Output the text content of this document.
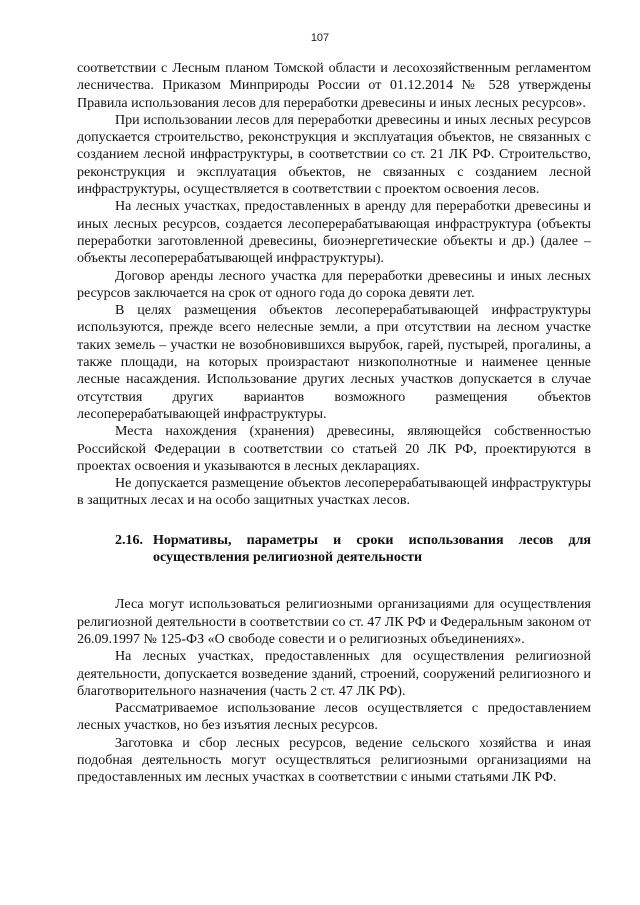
107

соответствии с Лесным планом Томской области и лесохозяйственным регламентом лесничества. Приказом Минприроды России от 01.12.2014 № 528 утверждены Правила использования лесов для переработки древесины и иных лесных ресурсов».

При использовании лесов для переработки древесины и иных лесных ресурсов допускается строительство, реконструкция и эксплуатация объектов, не связанных с созданием лесной инфраструктуры, в соответствии со ст. 21 ЛК РФ. Строительство, реконструкция и эксплуатация объектов, не связанных с созданием лесной инфраструктуры, осуществляется в соответствии с проектом освоения лесов.

На лесных участках, предоставленных в аренду для переработки древесины и иных лесных ресурсов, создается лесоперерабатывающая инфраструктура (объекты переработки заготовленной древесины, биоэнергетические объекты и др.) (далее – объекты лесоперерабатывающей инфраструктуры).

Договор аренды лесного участка для переработки древесины и иных лесных ресурсов заключается на срок от одного года до сорока девяти лет.

В целях размещения объектов лесоперерабатывающей инфраструктуры используются, прежде всего нелесные земли, а при отсутствии на лесном участке таких земель – участки не возобновившихся вырубок, гарей, пустырей, прогалины, а также площади, на которых произрастают низкополнотные и наименее ценные лесные насаждения. Использование других лесных участков допускается в случае отсутствия других вариантов возможного размещения объектов лесоперерабатывающей инфраструктуры.

Места нахождения (хранения) древесины, являющейся собственностью Российской Федерации в соответствии со статьей 20 ЛК РФ, проектируются в проектах освоения и указываются в лесных декларациях.

Не допускается размещение объектов лесоперерабатывающей инфраструктуры в защитных лесах и на особо защитных участках лесов.

2.16. Нормативы, параметры и сроки использования лесов для осуществления религиозной деятельности

Леса могут использоваться религиозными организациями для осуществления религиозной деятельности в соответствии со ст. 47 ЛК РФ и Федеральным законом от 26.09.1997 № 125-ФЗ «О свободе совести и о религиозных объединениях».

На лесных участках, предоставленных для осуществления религиозной деятельности, допускается возведение зданий, строений, сооружений религиозного и благотворительного назначения (часть 2 ст. 47 ЛК РФ).

Рассматриваемое использование лесов осуществляется с предоставлением лесных участков, но без изъятия лесных ресурсов.

Заготовка и сбор лесных ресурсов, ведение сельского хозяйства и иная подобная деятельность могут осуществляться религиозными организациями на предоставленных им лесных участках в соответствии с иными статьями ЛК РФ.
